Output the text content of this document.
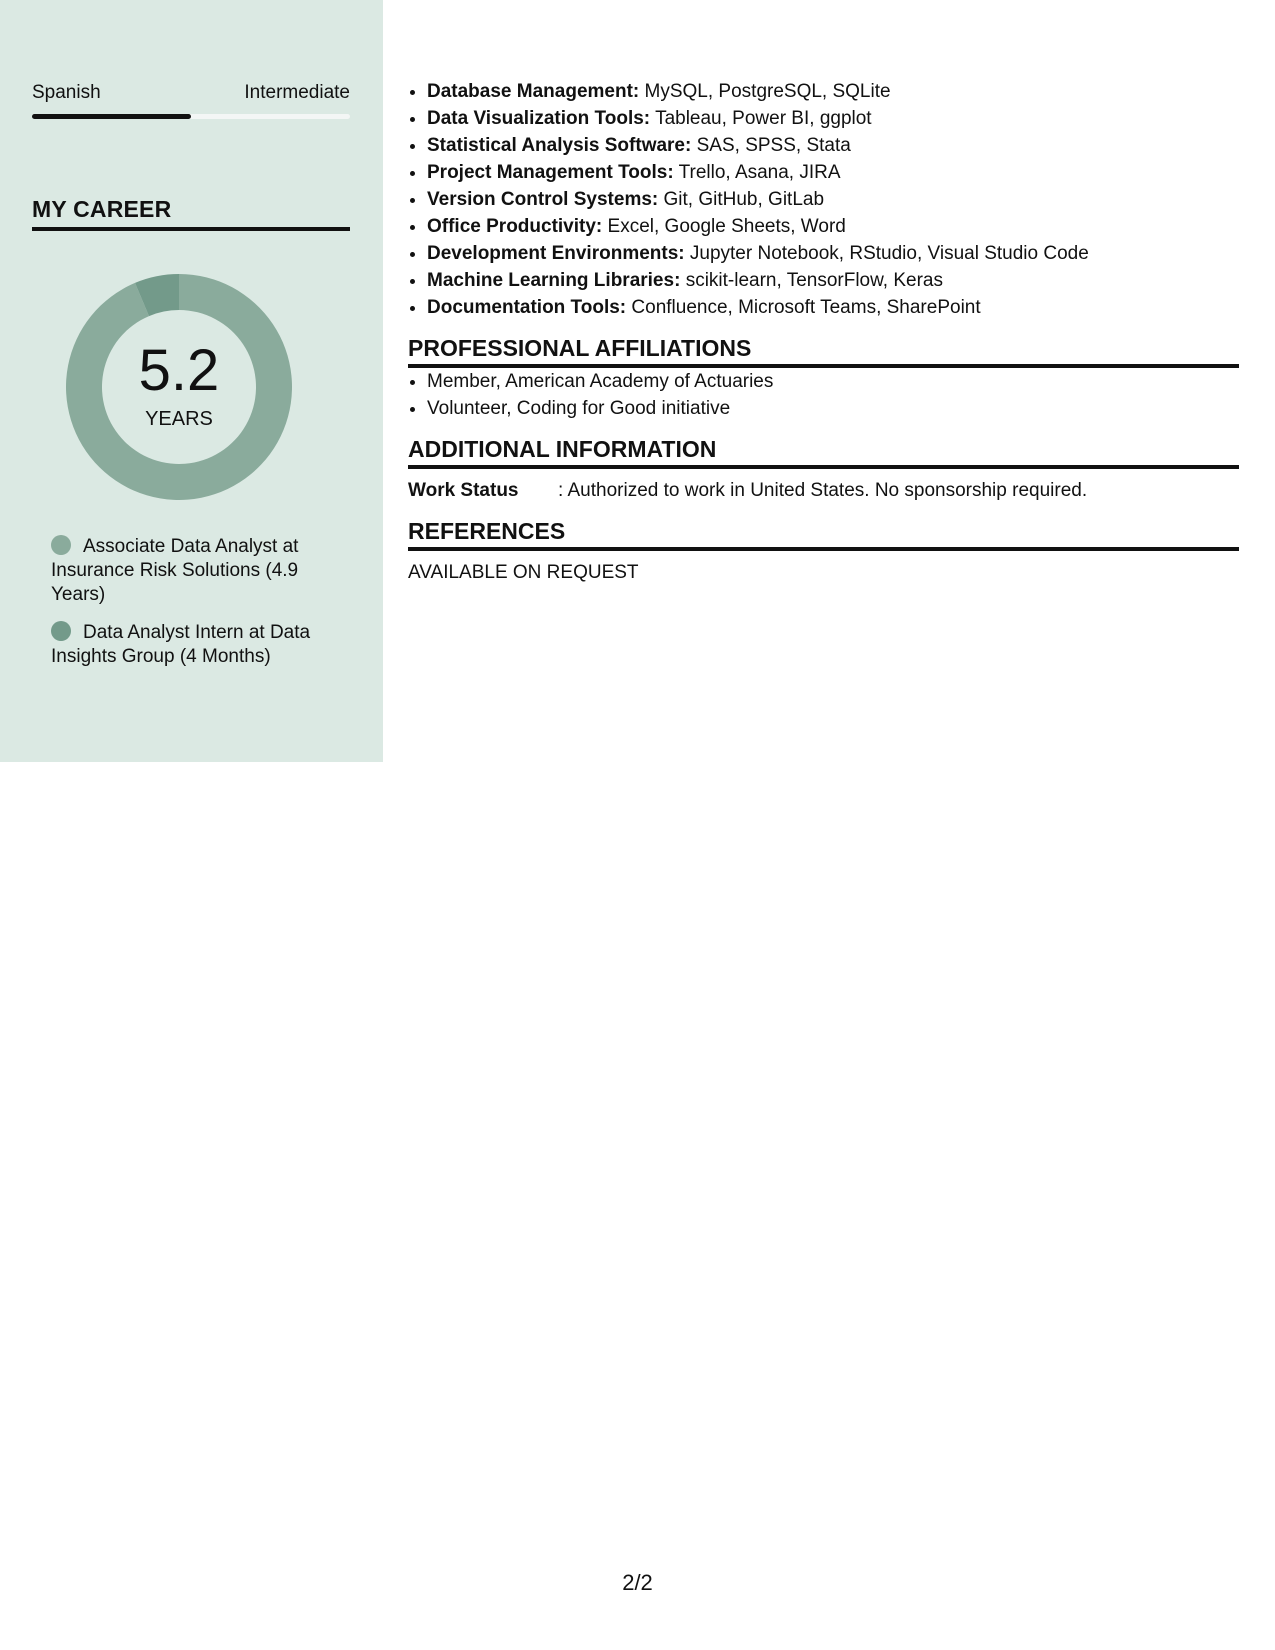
Spanish	Intermediate
MY CAREER
5.2
YEARS
Associate Data Analyst at Insurance Risk Solutions (4.9 Years)
Data Analyst Intern at Data Insights Group (4 Months)
• Database Management: MySQL, PostgreSQL, SQLite
• Data Visualization Tools: Tableau, Power BI, ggplot
• Statistical Analysis Software: SAS, SPSS, Stata
• Project Management Tools: Trello, Asana, JIRA
• Version Control Systems: Git, GitHub, GitLab
• Office Productivity: Excel, Google Sheets, Word
• Development Environments: Jupyter Notebook, RStudio, Visual Studio Code
• Machine Learning Libraries: scikit-learn, TensorFlow, Keras
• Documentation Tools: Confluence, Microsoft Teams, SharePoint
PROFESSIONAL AFFILIATIONS
• Member, American Academy of Actuaries
• Volunteer, Coding for Good initiative
ADDITIONAL INFORMATION
Work Status	: Authorized to work in United States. No sponsorship required.
REFERENCES
AVAILABLE ON REQUEST
2/2
